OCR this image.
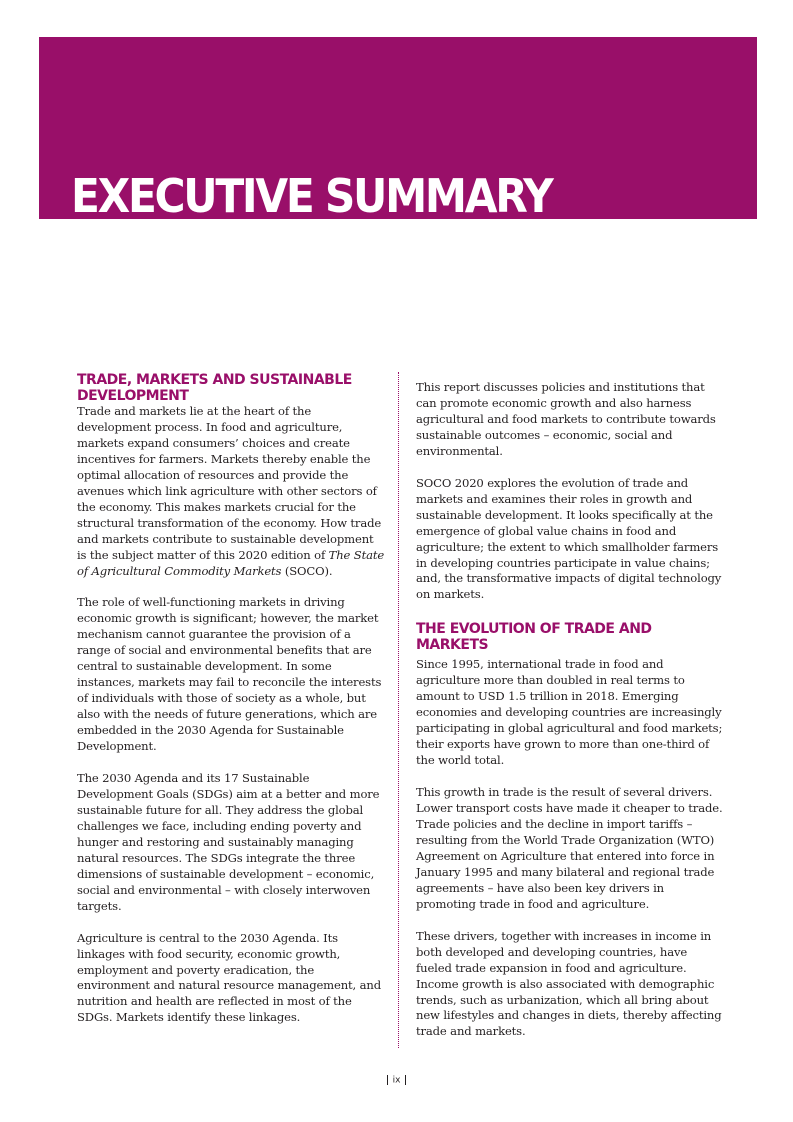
EXECUTIVE SUMMARY
TRADE, MARKETS AND SUSTAINABLE DEVELOPMENT

Trade and markets lie at the heart of the development process. In food and agriculture, markets expand consumers’ choices and create incentives for farmers. Markets thereby enable the optimal allocation of resources and provide the avenues which link agriculture with other sectors of the economy. This makes markets crucial for the structural transformation of the economy. How trade and markets contribute to sustainable development is the subject matter of this 2020 edition of The State of Agricultural Commodity Markets (SOCO).

The role of well-functioning markets in driving economic growth is significant; however, the market mechanism cannot guarantee the provision of a range of social and environmental benefits that are central to sustainable development. In some instances, markets may fail to reconcile the interests of individuals with those of society as a whole, but also with the needs of future generations, which are embedded in the 2030 Agenda for Sustainable Development.

The 2030 Agenda and its 17 Sustainable Development Goals (SDGs) aim at a better and more sustainable future for all. They address the global challenges we face, including ending poverty and hunger and restoring and sustainably managing natural resources. The SDGs integrate the three dimensions of sustainable development – economic, social and environmental – with closely interwoven targets.

Agriculture is central to the 2030 Agenda. Its linkages with food security, economic growth, employment and poverty eradication, the environment and natural resource management, and nutrition and health are reflected in most of the SDGs. Markets identify these linkages.

This report discusses policies and institutions that can promote economic growth and also harness agricultural and food markets to contribute towards sustainable outcomes – economic, social and environmental.

SOCO 2020 explores the evolution of trade and markets and examines their roles in growth and sustainable development. It looks specifically at the emergence of global value chains in food and agriculture; the extent to which smallholder farmers in developing countries participate in value chains; and, the transformative impacts of digital technology on markets.

THE EVOLUTION OF TRADE AND MARKETS

Since 1995, international trade in food and agriculture more than doubled in real terms to amount to USD 1.5 trillion in 2018. Emerging economies and developing countries are increasingly participating in global agricultural and food markets; their exports have grown to more than one-third of the world total.

This growth in trade is the result of several drivers. Lower transport costs have made it cheaper to trade. Trade policies and the decline in import tariffs – resulting from the World Trade Organization (WTO) Agreement on Agriculture that entered into force in January 1995 and many bilateral and regional trade agreements – have also been key drivers in promoting trade in food and agriculture.

These drivers, together with increases in income in both developed and developing countries, have fueled trade expansion in food and agriculture. Income growth is also associated with demographic trends, such as urbanization, which all bring about new lifestyles and changes in diets, thereby affecting trade and markets.

ix
